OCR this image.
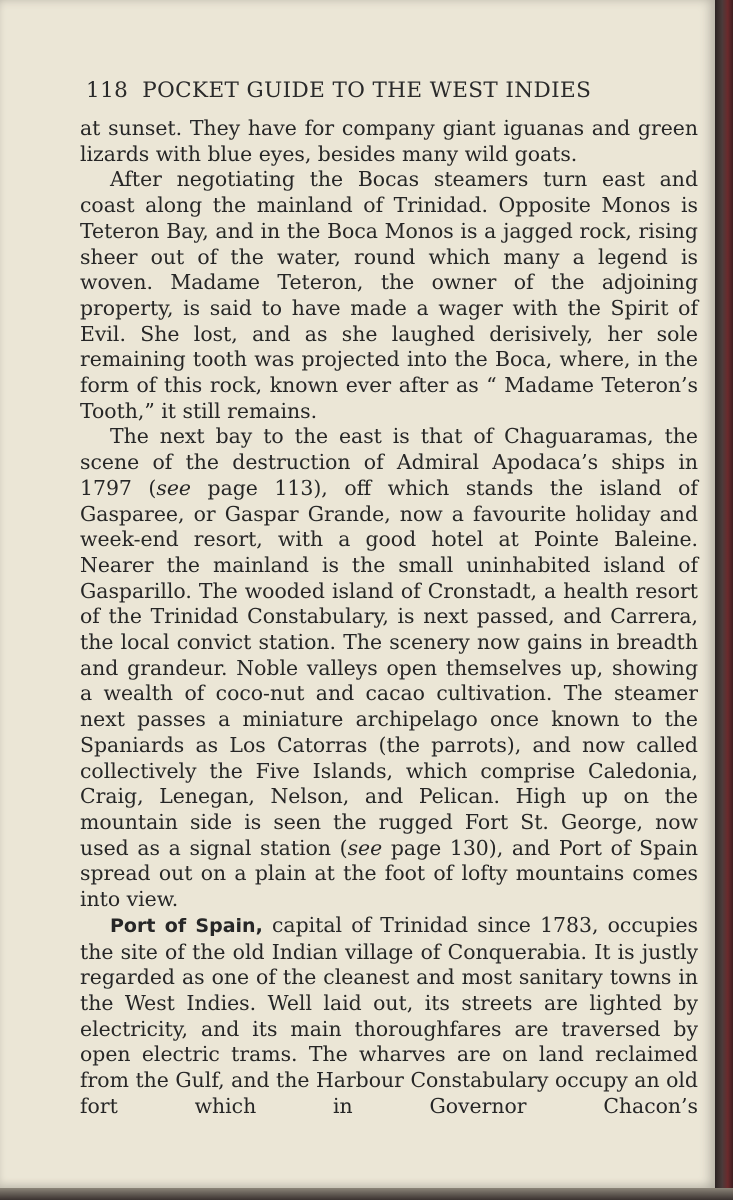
118 POCKET GUIDE TO THE WEST INDIES

at sunset. They have for company giant iguanas and green lizards with blue eyes, besides many wild goats.

After negotiating the Bocas steamers turn east and coast along the mainland of Trinidad. Opposite Monos is Teteron Bay, and in the Boca Monos is a jagged rock, rising sheer out of the water, round which many a legend is woven. Madame Teteron, the owner of the adjoining property, is said to have made a wager with the Spirit of Evil. She lost, and as she laughed derisively, her sole remaining tooth was projected into the Boca, where, in the form of this rock, known ever after as “ Madame Teteron’s Tooth,” it still remains.

The next bay to the east is that of Chaguaramas, the scene of the destruction of Admiral Apodaca’s ships in 1797 (see page 113), off which stands the island of Gasparee, or Gaspar Grande, now a favourite holiday and week-end resort, with a good hotel at Pointe Baleine. Nearer the mainland is the small uninhabited island of Gasparillo. The wooded island of Cronstadt, a health resort of the Trinidad Constabulary, is next passed, and Carrera, the local convict station. The scenery now gains in breadth and grandeur. Noble valleys open themselves up, showing a wealth of coco-nut and cacao cultivation. The steamer next passes a miniature archipelago once known to the Spaniards as Los Catorras (the parrots), and now called collectively the Five Islands, which comprise Caledonia, Craig, Lenegan, Nelson, and Pelican. High up on the mountain side is seen the rugged Fort St. George, now used as a signal station (see page 130), and Port of Spain spread out on a plain at the foot of lofty mountains comes into view.

Port of Spain, capital of Trinidad since 1783, occupies the site of the old Indian village of Conquerabia. It is justly regarded as one of the cleanest and most sanitary towns in the West Indies. Well laid out, its streets are lighted by electricity, and its main thoroughfares are traversed by open electric trams. The wharves are on land reclaimed from the Gulf, and the Harbour Constabulary occupy an old fort which in Governor Chacon’s
